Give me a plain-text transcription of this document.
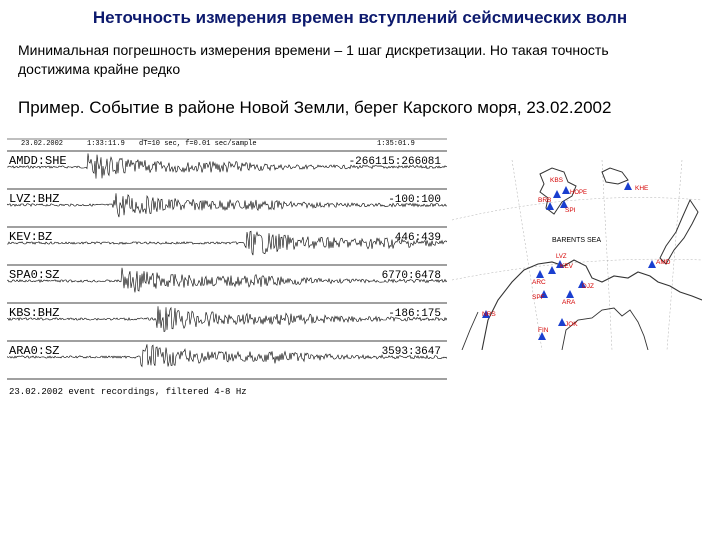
Неточность измерения времен вступлений сейсмических волн
Минимальная погрешность измерения времени – 1 шаг дискретизации. Но такая точность
достижима крайне редко
Пример. Событие в районе Новой Земли, берег Карского моря, 23.02.2002
23.02.2002	1:33:11.9 dT=10 sec, f=0.01 sec/sample	1:35:01.9
AMDD:SHE	-266115:266081
LVZ:BHZ	-100:100
KEV:BZ	446:439
SPA0:SZ	6770:6478
KBS:BHZ	-186:175
ARA0:SZ	3593:3647
23.02.2002 event recordings, filtered 4-8 Hz
BARENTS SEA
KBS
BRB
HOPE
SPI
KHE
LVZ
KEV
ARC
AMD
DJZ
SPF
ARA
NRS
JOK
FIN
